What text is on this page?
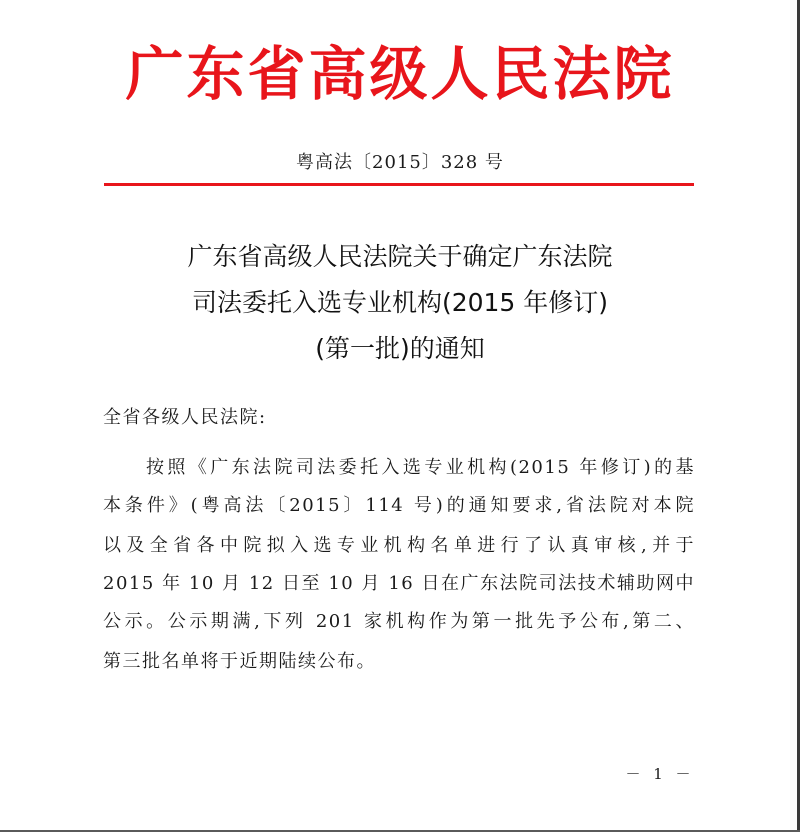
广东省高级人民法院
粤高法〔2015〕328 号
广东省高级人民法院关于确定广东法院
司法委托入选专业机构(2015 年修订)
(第一批)的通知
全省各级人民法院:
按照《广东法院司法委托入选专业机构(2015 年修订)的基
本条件》(粤高法〔2015〕114 号)的通知要求,省法院对本院
以及全省各中院拟入选专业机构名单进行了认真审核,并于
2015 年 10 月 12 日至 10 月 16 日在广东法院司法技术辅助网中
公示。公示期满,下列 201 家机构作为第一批先予公布,第二、
第三批名单将于近期陆续公布。
－ 1 －
